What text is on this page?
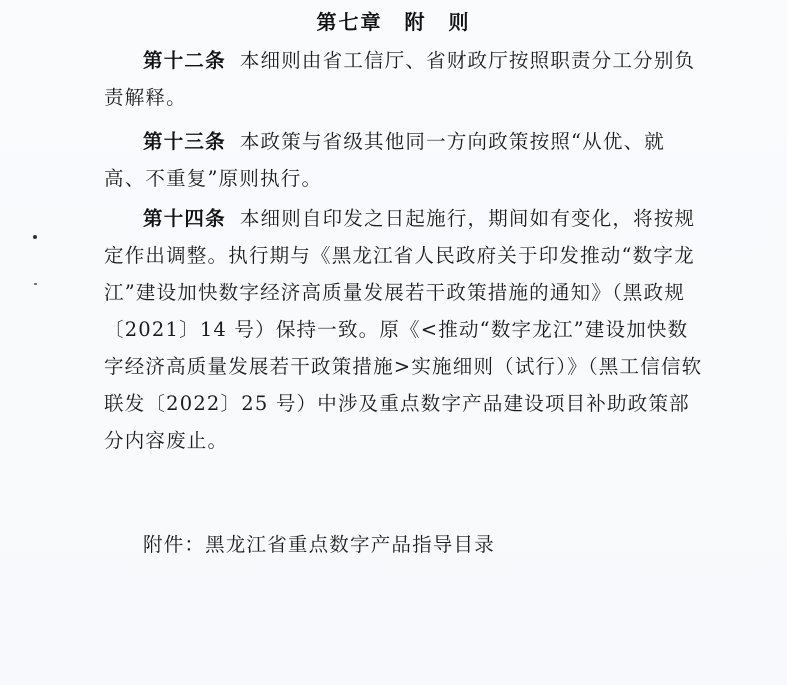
第七章　附　则
第十二条 本细则由省工信厅、省财政厅按照职责分工分别负责解释。
第十三条 本政策与省级其他同一方向政策按照“从优、就高、不重复”原则执行。
第十四条 本细则自印发之日起施行，期间如有变化，将按规定作出调整。执行期与《黑龙江省人民政府关于印发推动“数字龙江”建设加快数字经济高质量发展若干政策措施的通知》（黑政规〔2021〕14 号）保持一致。原《<推动“数字龙江”建设加快数字经济高质量发展若干政策措施>实施细则（试行）》（黑工信信软联发〔2022〕25 号）中涉及重点数字产品建设项目补助政策部分内容废止。
附件：黑龙江省重点数字产品指导目录
